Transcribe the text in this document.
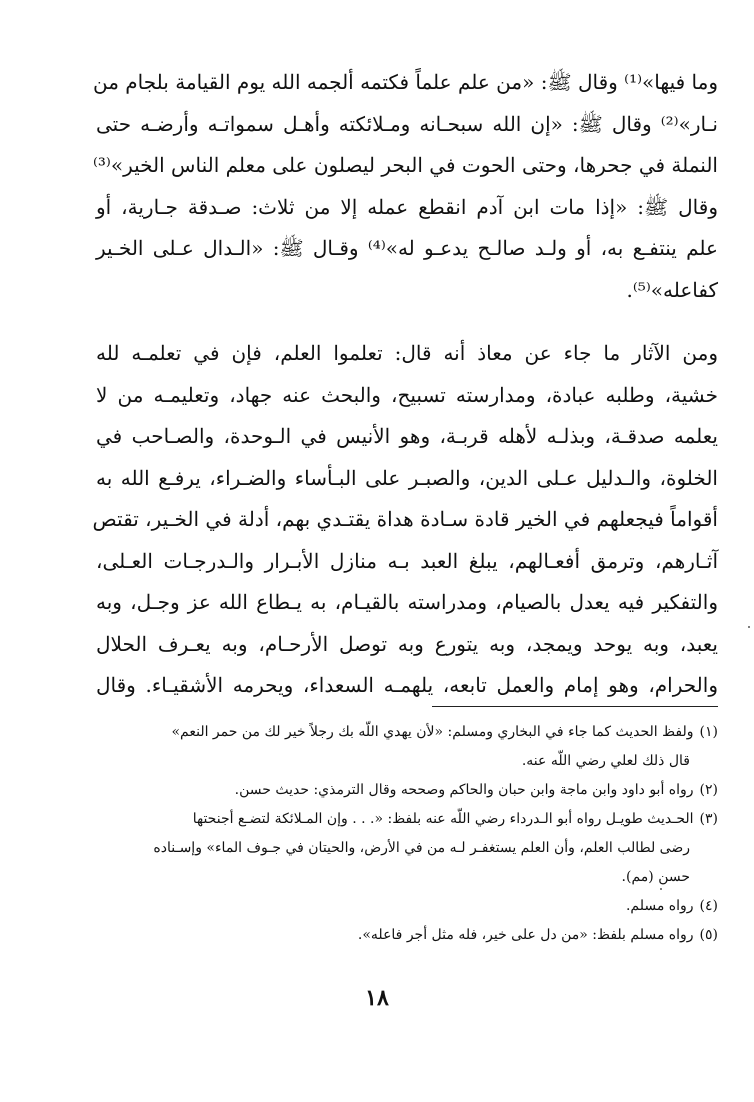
وما فيها»⁽¹⁾ وقال ﷺ: «من علم علماً فكتمه ألجمه الله يوم القيامة بلجام من
نـار»⁽²⁾ وقال ﷺ: «إن الله سبحـانه ومـلائكته وأهـل سمواتـه وأرضـه حتى
النملة في جحرها، وحتى الحوت في البحر ليصلون على معلم الناس الخير»⁽³⁾
وقال ﷺ: «إذا مات ابن آدم انقطع عمله إلا من ثلاث: صـدقة جـارية، أو
علم ينتفـع به، أو ولـد صالـح يدعـو له»⁽⁴⁾ وقـال ﷺ: «الـدال عـلى الخـير
كفاعله»⁽⁵⁾.

ومن الآثار ما جاء عن معاذ أنه قال: تعلموا العلم، فإن في تعلمـه لله
خشية، وطلبه عبادة، ومدارسته تسبيح، والبحث عنه جهاد، وتعليمـه من لا
يعلمه صدقـة، وبذلـه لأهله قربـة، وهو الأنيس في الـوحدة، والصـاحب في
الخلوة، والـدليل عـلى الدين، والصبـر على البـأساء والضـراء، يرفـع الله به
أقواماً فيجعلهم في الخير قادة سـادة هداة يقتـدي بهم، أدلة في الخـير، تقتص
آثـارهم، وترمق أفعـالهم، يبلغ العبد بـه منازل الأبـرار والـدرجـات العـلى،
والتفكير فيه يعدل بالصيام، ومدراسته بالقيـام، به يـطاع الله عز وجـل، وبه
يعبد، وبه يوحد ويمجد، وبه يتورع وبه توصل الأرحـام، وبه يعـرف الحلال
والحرام، وهو إمام والعمل تابعه، يلهمـه السعداء، ويحرمه الأشقيـاء. وقال

(١)ولفظ الحديث كما جاء في البخاري ومسلم: «لأن يهدي اللّه بك رجلاً خير لك من حمر النعم»
قال ذلك لعلي رضي اللّه عنه.
(٢)رواه أبو داود وابن ماجة وابن حبان والحاكم وصححه وقال الترمذي: حديث حسن.
(٣)الحـديث طويـل رواه أبو الـدرداء رضي اللّه عنه بلفظ: «. . . وإن المـلائكة لتضـع أجنحتها
رضى لطالب العلم، وأن العلم يستغفـر لـه من في الأرض، والحيتان في جـوف الماء» وإسـناده
حسن (مم).
(٤)رواه مسلم.
(٥)رواه مسلم بلفظ: «من دل على خير، فله مثل أجر فاعله».
١٨
